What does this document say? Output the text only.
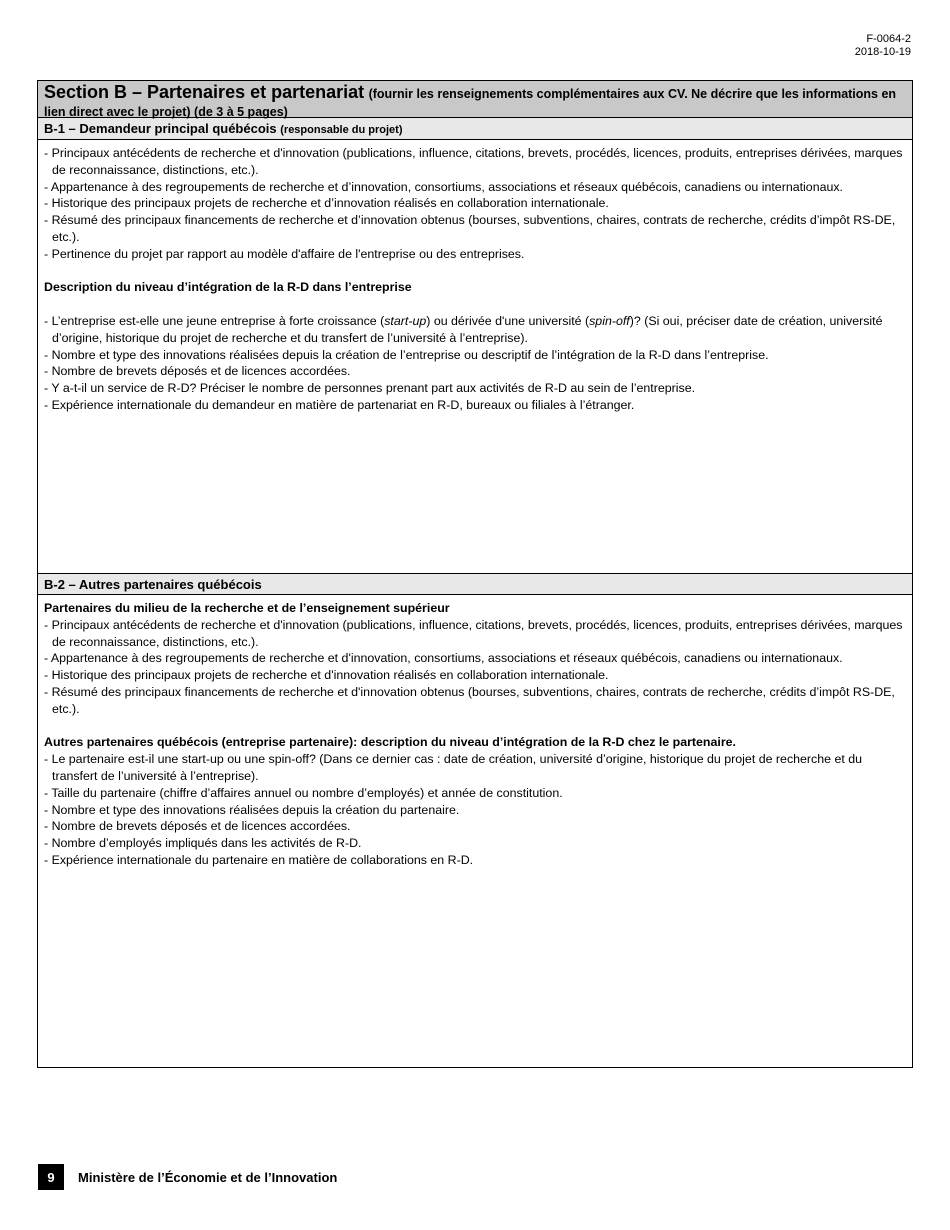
F-0064-2
2018-10-19
Section B – Partenaires et partenariat (fournir les renseignements complémentaires aux CV. Ne décrire que les informations en lien direct avec le projet) (de 3 à 5 pages)
B-1 – Demandeur principal québécois (responsable du projet)

- Principaux antécédents de recherche et d'innovation (publications, influence, citations, brevets, procédés, licences, produits, entreprises dérivées, marques de reconnaissance, distinctions, etc.).

- Appartenance à des regroupements de recherche et d’innovation, consortiums, associations et réseaux québécois, canadiens ou internationaux.

- Historique des principaux projets de recherche et d’innovation réalisés en collaboration internationale.

- Résumé des principaux financements de recherche et d’innovation obtenus (bourses, subventions, chaires, contrats de recherche, crédits d’impôt RS-DE, etc.).

- Pertinence du projet par rapport au modèle d'affaire de l'entreprise ou des entreprises.

Description du niveau d’intégration de la R-D dans l’entreprise

- L’entreprise est-elle une jeune entreprise à forte croissance (start-up) ou dérivée d'une université (spin-off)? (Si oui, préciser date de création, université d’origine, historique du projet de recherche et du transfert de l’université à l’entreprise).

- Nombre et type des innovations réalisées depuis la création de l’entreprise ou descriptif de l’intégration de la R-D dans l’entreprise.

- Nombre de brevets déposés et de licences accordées.

- Y a-t-il un service de R-D? Préciser le nombre de personnes prenant part aux activités de R-D au sein de l’entreprise.

- Expérience internationale du demandeur en matière de partenariat en R-D, bureaux ou filiales à l’étranger.

B-2 – Autres partenaires québécois

Partenaires du milieu de la recherche et de l’enseignement supérieur

- Principaux antécédents de recherche et d'innovation (publications, influence, citations, brevets, procédés, licences, produits, entreprises dérivées, marques de reconnaissance, distinctions, etc.).

- Appartenance à des regroupements de recherche et d'innovation, consortiums, associations et réseaux québécois, canadiens ou internationaux.

- Historique des principaux projets de recherche et d'innovation réalisés en collaboration internationale.

- Résumé des principaux financements de recherche et d'innovation obtenus (bourses, subventions, chaires, contrats de recherche, crédits d’impôt RS-DE, etc.).

Autres partenaires québécois (entreprise partenaire): description du niveau d’intégration de la R-D chez le partenaire.

- Le partenaire est-il une start-up ou une spin-off? (Dans ce dernier cas : date de création, université d’origine, historique du projet de recherche et du transfert de l’université à l’entreprise).

- Taille du partenaire (chiffre d’affaires annuel ou nombre d’employés) et année de constitution.

- Nombre et type des innovations réalisées depuis la création du partenaire.

- Nombre de brevets déposés et de licences accordées.

- Nombre d’employés impliqués dans les activités de R-D.

- Expérience internationale du partenaire en matière de collaborations en R-D.

9	Ministère de l’Économie et de l’Innovation
